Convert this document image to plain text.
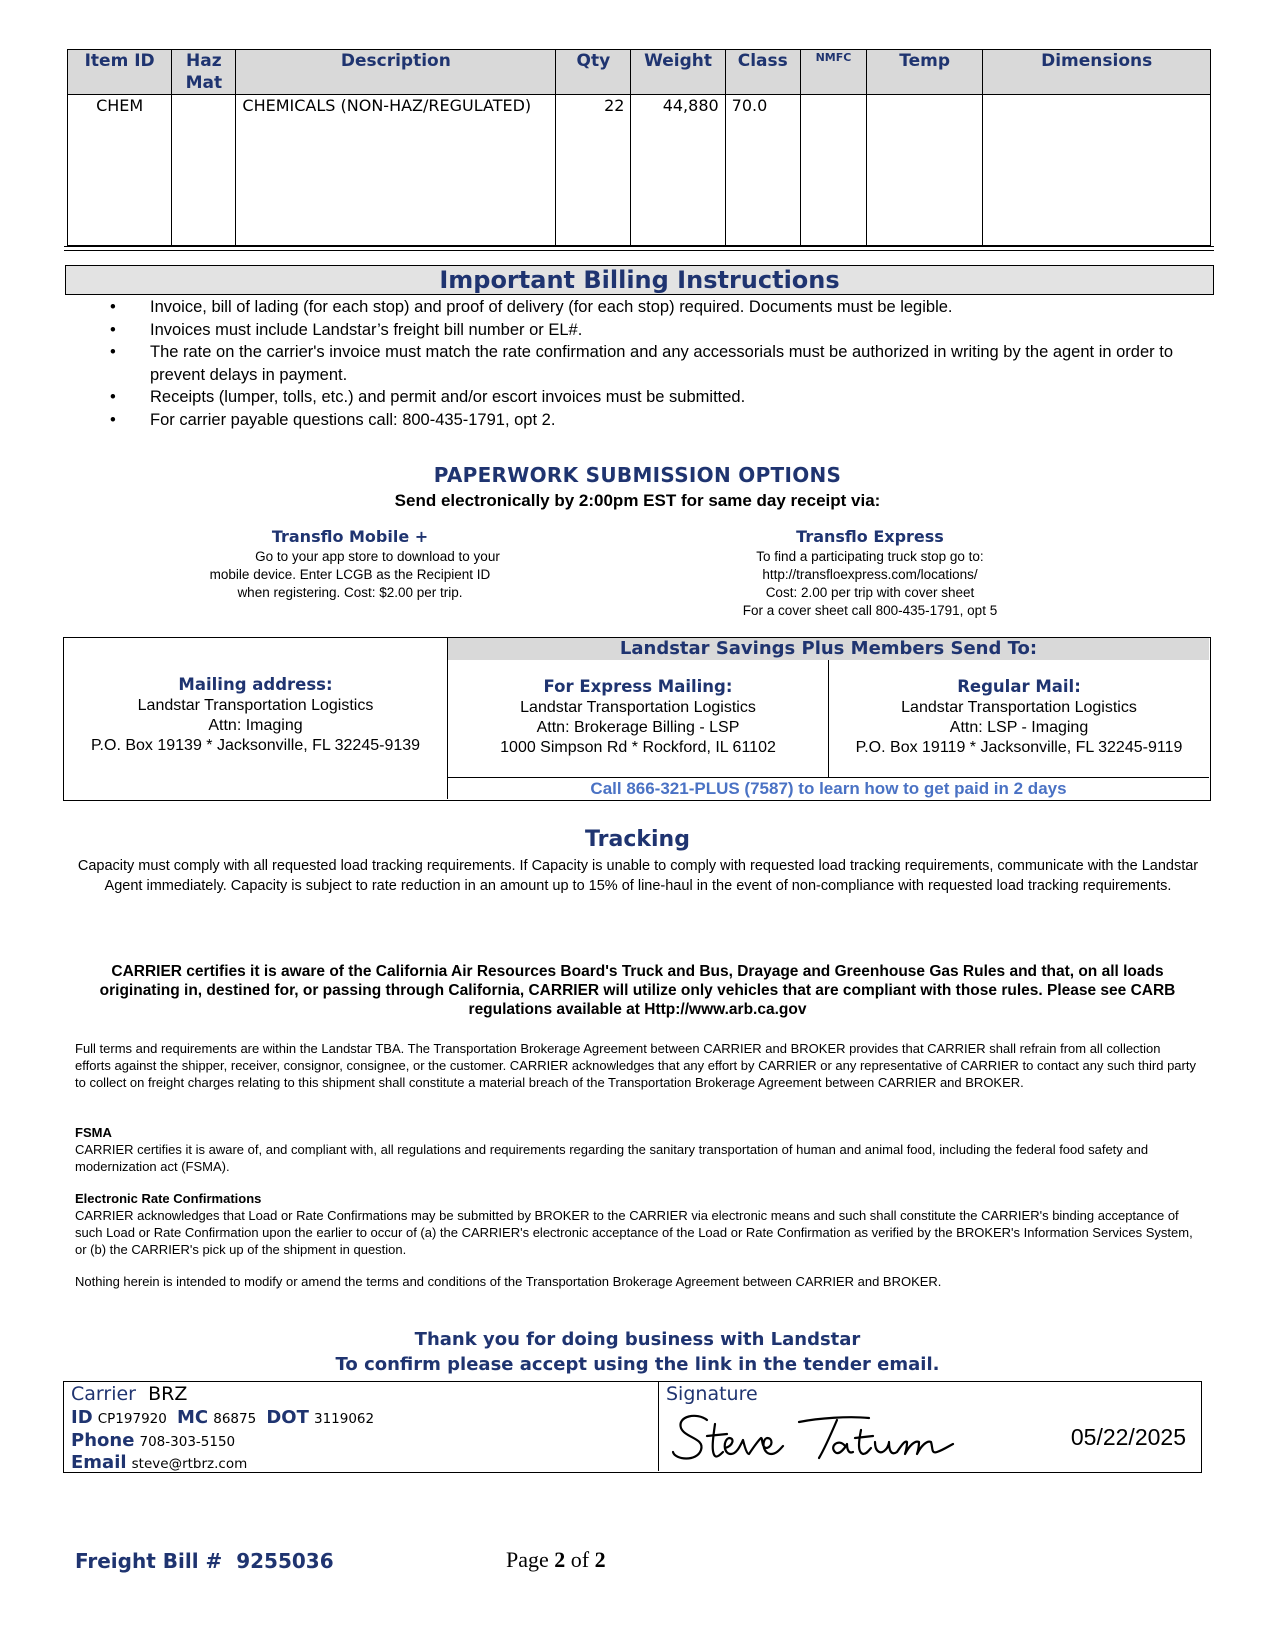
Item ID	Haz Mat	Description	Qty	Weight	Class	NMFC	Temp	Dimensions
CHEM		CHEMICALS (NON-HAZ/REGULATED)	22	44,880	70.0			
Important Billing Instructions
• Invoice, bill of lading (for each stop) and proof of delivery (for each stop) required. Documents must be legible.
• Invoices must include Landstar’s freight bill number or EL#.
• The rate on the carrier's invoice must match the rate confirmation and any accessorials must be authorized in writing by the agent in order to prevent delays in payment.
• Receipts (lumper, tolls, etc.) and permit and/or escort invoices must be submitted.
• For carrier payable questions call: 800-435-1791, opt 2.
PAPERWORK SUBMISSION OPTIONS
Send electronically by 2:00pm EST for same day receipt via:
Transflo Mobile +
Go to your app store to download to your
mobile device. Enter LCGB as the Recipient ID
when registering. Cost: $2.00 per trip.
Transflo Express
To find a participating truck stop go to:
http://transfloexpress.com/locations/
Cost: 2.00 per trip with cover sheet
For a cover sheet call 800-435-1791, opt 5
Mailing address:
Landstar Transportation Logistics
Attn: Imaging
P.O. Box 19139 * Jacksonville, FL 32245-9139
Landstar Savings Plus Members Send To:
For Express Mailing:
Landstar Transportation Logistics
Attn: Brokerage Billing - LSP
1000 Simpson Rd * Rockford, IL 61102
Regular Mail:
Landstar Transportation Logistics
Attn: LSP - Imaging
P.O. Box 19119 * Jacksonville, FL 32245-9119
Call 866-321-PLUS (7587) to learn how to get paid in 2 days
Tracking
Capacity must comply with all requested load tracking requirements. If Capacity is unable to comply with requested load tracking requirements, communicate with the Landstar Agent immediately. Capacity is subject to rate reduction in an amount up to 15% of line-haul in the event of non-compliance with requested load tracking requirements.
CARRIER certifies it is aware of the California Air Resources Board's Truck and Bus, Drayage and Greenhouse Gas Rules and that, on all loads originating in, destined for, or passing through California, CARRIER will utilize only vehicles that are compliant with those rules. Please see CARB regulations available at Http://www.arb.ca.gov
Full terms and requirements are within the Landstar TBA. The Transportation Brokerage Agreement between CARRIER and BROKER provides that CARRIER shall refrain from all collection efforts against the shipper, receiver, consignor, consignee, or the customer. CARRIER acknowledges that any effort by CARRIER or any representative of CARRIER to contact any such third party to collect on freight charges relating to this shipment shall constitute a material breach of the Transportation Brokerage Agreement between CARRIER and BROKER.
FSMA
CARRIER certifies it is aware of, and compliant with, all regulations and requirements regarding the sanitary transportation of human and animal food, including the federal food safety and modernization act (FSMA).
Electronic Rate Confirmations
CARRIER acknowledges that Load or Rate Confirmations may be submitted by BROKER to the CARRIER via electronic means and such shall constitute the CARRIER's binding acceptance of such Load or Rate Confirmation upon the earlier to occur of (a) the CARRIER's electronic acceptance of the Load or Rate Confirmation as verified by the BROKER's Information Services System, or (b) the CARRIER's pick up of the shipment in question.
Nothing herein is intended to modify or amend the terms and conditions of the Transportation Brokerage Agreement between CARRIER and BROKER.
Thank you for doing business with Landstar
To confirm please accept using the link in the tender email.
Carrier BRZ
ID CP197920 MC 86875 DOT 3119062
Phone 708-303-5150
Email steve@rtbrz.com
Signature
05/22/2025
Freight Bill # 9255036	Page 2 of 2
